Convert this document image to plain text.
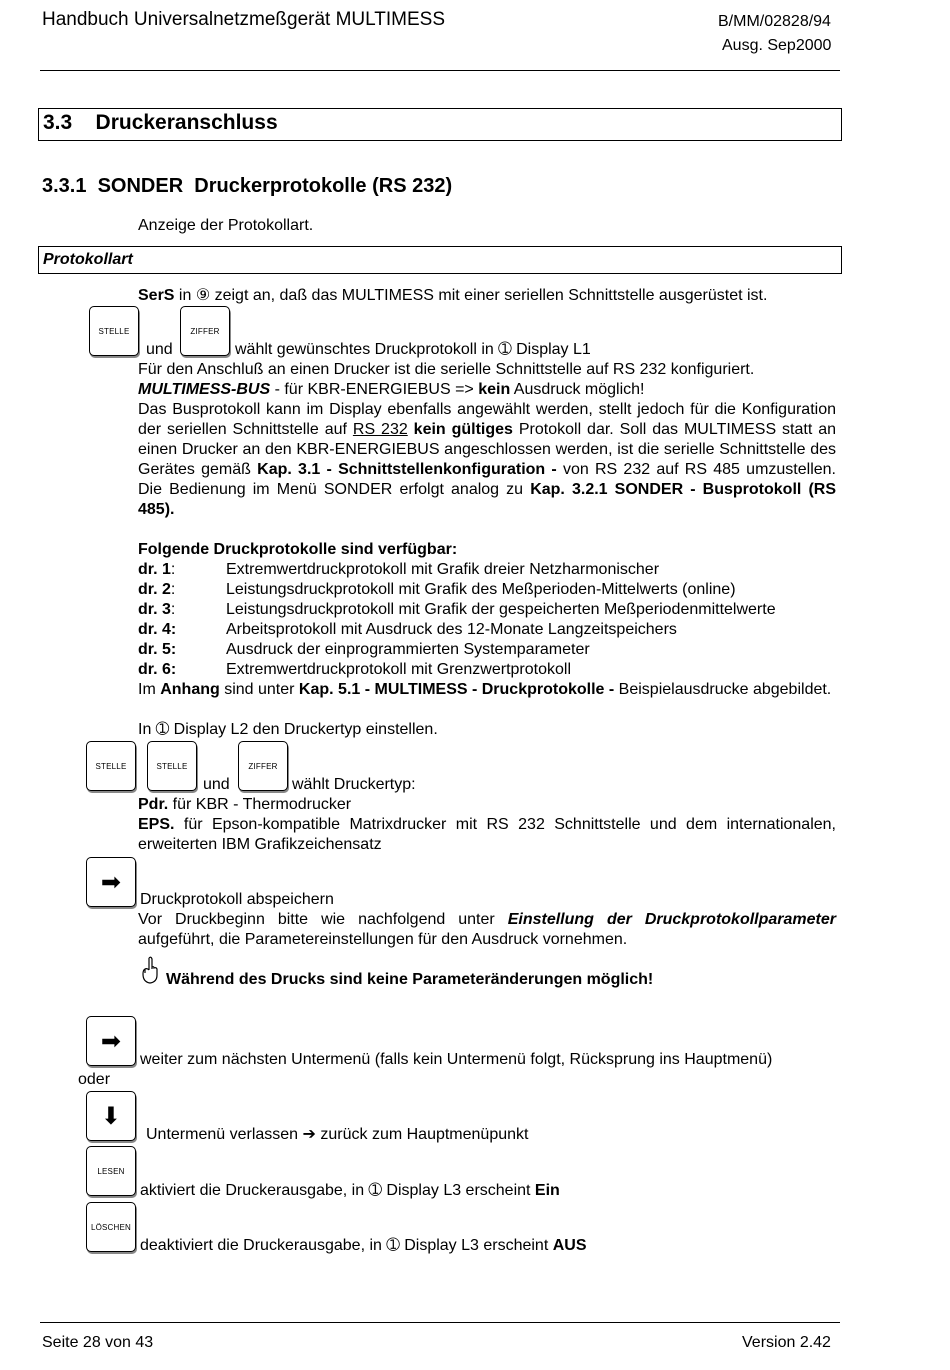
Handbuch Universalnetzmeßgerät MULTIMESS	B/MM/02828/94
Ausg. Sep2000
3.3    Druckeranschluss
3.3.1  SONDER  Druckerprotokolle (RS 232)
Anzeige der Protokollart.
Protokollart
SerS in ⑨ zeigt an, daß das MULTIMESS mit einer seriellen Schnittstelle ausgerüstet ist.
STELLE
und
ZIFFER
wählt gewünschtes Druckprotokoll in ➀ Display L1
Für den Anschluß an einen Drucker ist die serielle Schnittstelle auf RS 232 konfiguriert.
MULTIMESS-BUS - für KBR-ENERGIEBUS => kein Ausdruck möglich!
Das Busprotokoll kann im Display ebenfalls angewählt werden, stellt jedoch für die Konfiguration der seriellen Schnittstelle auf RS 232 kein gültiges Protokoll dar. Soll das MULTIMESS statt an einen Drucker an den KBR-ENERGIEBUS angeschlossen werden, ist die serielle Schnittstelle des Gerätes gemäß Kap. 3.1 - Schnittstellenkonfiguration - von RS 232 auf RS 485 umzustellen. Die Bedienung im Menü SONDER erfolgt analog zu Kap. 3.2.1 SONDER - Busprotokoll (RS 485).
Folgende Druckprotokolle sind verfügbar:
dr. 1:	Extremwertdruckprotokoll mit Grafik dreier Netzharmonischer
dr. 2:	Leistungsdruckprotokoll mit Grafik des Meßperioden-Mittelwerts (online)
dr. 3:	Leistungsdruckprotokoll mit Grafik der gespeicherten Meßperiodenmittelwerte
dr. 4:	Arbeitsprotokoll mit Ausdruck des 12-Monate Langzeitspeichers
dr. 5:	Ausdruck der einprogrammierten Systemparameter
dr. 6:	Extremwertdruckprotokoll mit Grenzwertprotokoll
Im Anhang sind unter Kap. 5.1 - MULTIMESS - Druckprotokolle - Beispielausdrucke abgebildet.
In ➀ Display L2 den Druckertyp einstellen.
STELLE	STELLE
und
ZIFFER
wählt Druckertyp:
Pdr. für KBR - Thermodrucker
EPS. für Epson-kompatible Matrixdrucker mit RS 232 Schnittstelle und dem internationalen, erweiterten IBM Grafikzeichensatz
➡
Druckprotokoll abspeichern
Vor Druckbeginn bitte wie nachfolgend unter Einstellung der Druckprotokollparameter aufgeführt, die Parametereinstellungen für den Ausdruck vornehmen.
Während des Drucks sind keine Parameteränderungen möglich!
➡
weiter zum nächsten Untermenü (falls kein Untermenü folgt, Rücksprung ins Hauptmenü)
oder
⬇
Untermenü verlassen ➔ zurück zum Hauptmenüpunkt
LESEN
aktiviert die Druckerausgabe, in ➀ Display L3 erscheint Ein
LÖSCHEN
deaktiviert die Druckerausgabe, in ➀ Display L3 erscheint AUS
Seite 28 von 43	Version 2.42
